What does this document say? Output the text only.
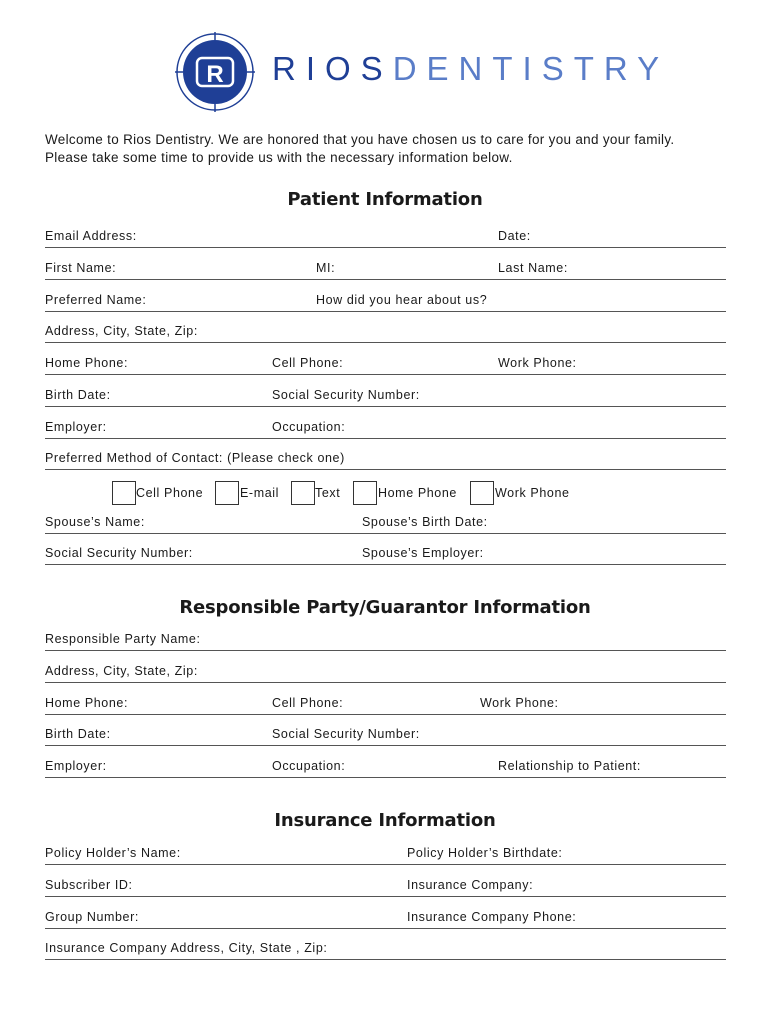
R RIOSDENTISTRY
Welcome to Rios Dentistry. We are honored that you have chosen us to care for you and your family.
Please take some time to provide us with the necessary information below.
Patient Information
Email Address:	Date:
First Name:	MI:	Last Name:
Preferred Name:	How did you hear about us?
Address, City, State, Zip:
Home Phone:	Cell Phone:	Work Phone:
Birth Date:	Social Security Number:
Employer:	Occupation:
Preferred Method of Contact: (Please check one)
Cell Phone	E-mail	Text	Home Phone	Work Phone
Spouse’s Name:	Spouse’s Birth Date:
Social Security Number:	Spouse’s Employer:
Responsible Party/Guarantor Information
Responsible Party Name:
Address, City, State, Zip:
Home Phone:	Cell Phone:	Work Phone:
Birth Date:	Social Security Number:
Employer:	Occupation:	Relationship to Patient:
Insurance Information
Policy Holder’s Name:	Policy Holder’s Birthdate:
Subscriber ID:	Insurance Company:
Group Number:	Insurance Company Phone:
Insurance Company Address, City, State , Zip:
